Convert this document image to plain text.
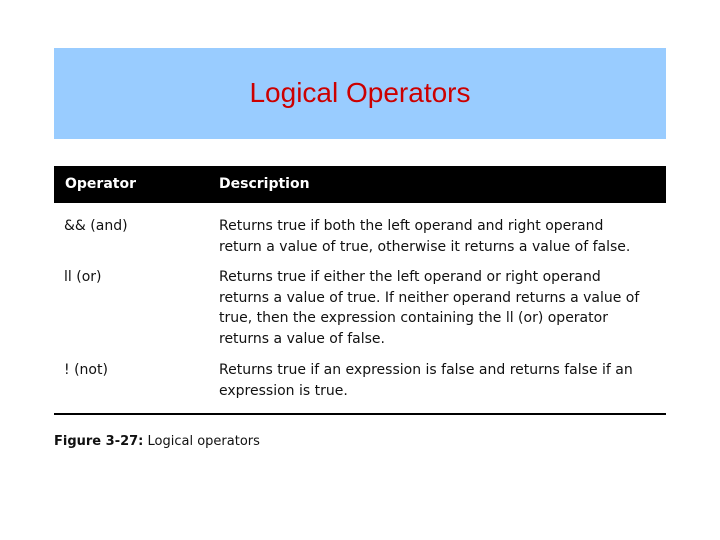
Logical Operators
Operator	Description
&& (and)	Returns true if both the left operand and right operand
return a value of true, otherwise it returns a value of false.
ll (or)	Returns true if either the left operand or right operand
returns a value of true. If neither operand returns a value of
true, then the expression containing the ll (or) operator
returns a value of false.
! (not)	Returns true if an expression is false and returns false if an
expression is true.
Figure 3-27: Logical operators
